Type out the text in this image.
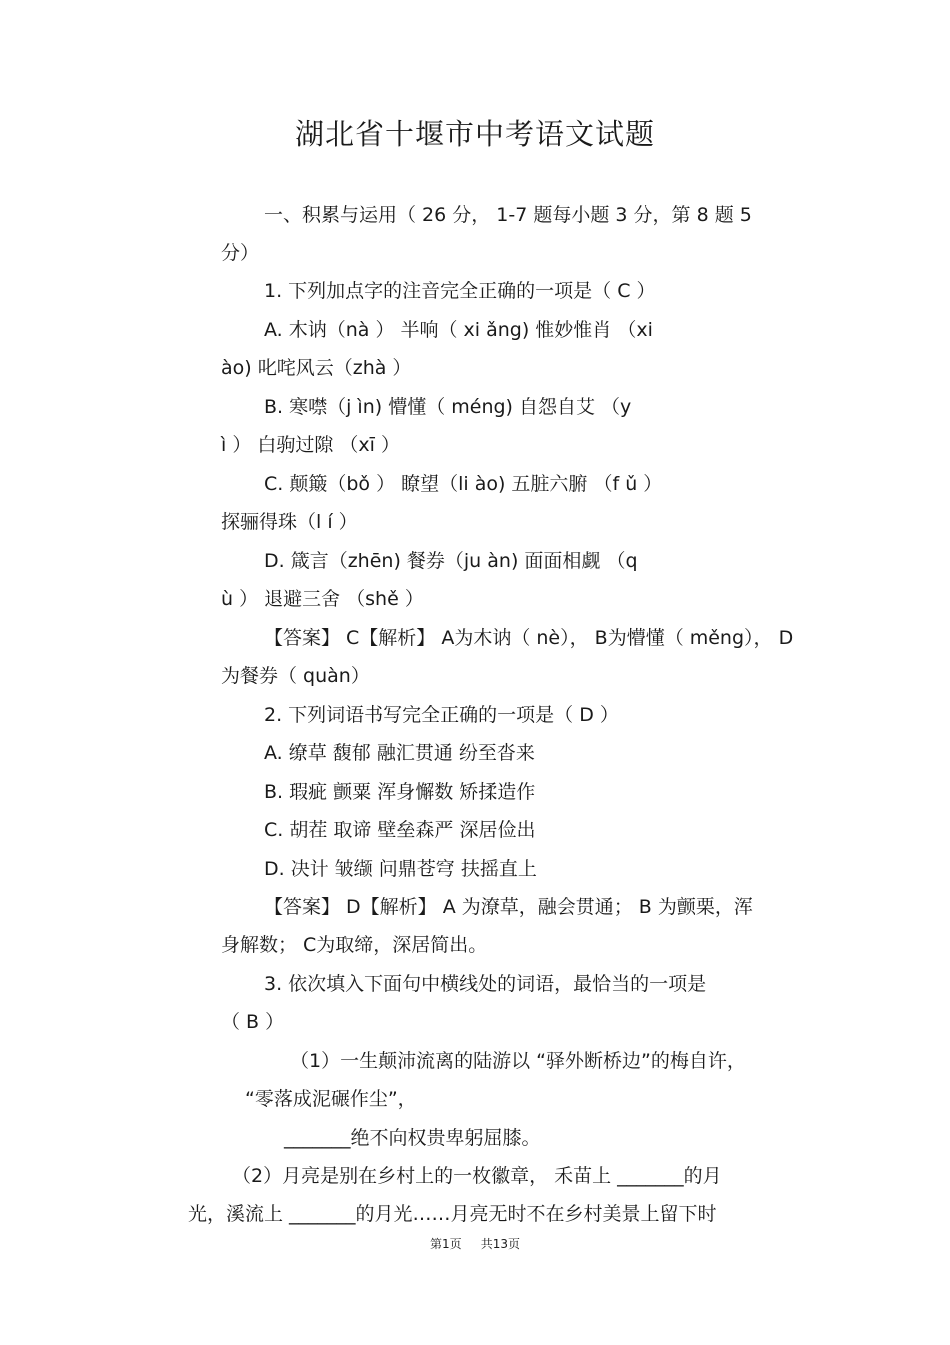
湖北省十堰市中考语文试题
一、积累与运用（ 26 分， 1-7 题每小题 3 分，第 8 题 5
分）
1. 下列加点字的注音完全正确的一项是（ C ）
A. 木讷（nà ） 半响（ xi ǎng) 惟妙惟肖 （xi
ào) 叱咤风云（zhà ）
B. 寒噤（j ìn) 懵懂（ méng) 自怨自艾 （y
ì ） 白驹过隙 （xī ）
C. 颠簸（bǒ ） 瞭望（li ào) 五脏六腑 （f ǔ ）
探骊得珠（l í ）
D. 箴言（zhēn) 餐券（ju àn) 面面相觑 （q
ù ） 退避三舍 （shě ）
【答案】 C【解析】 A为木讷（ nè）， B为懵懂（ měng）， D
为餐券（ quàn）
2. 下列词语书写完全正确的一项是（ D ）
A. 缭草 馥郁 融汇贯通 纷至沓来
B. 瑕疵 颤粟 浑身懈数 矫揉造作
C. 胡茬 取谛 壁垒森严 深居俭出
D. 决计 皱缬 问鼎苍穹 扶摇直上
【答案】 D【解析】 A 为潦草，融会贯通； B 为颤栗，浑
身解数； C为取缔，深居简出。
3. 依次填入下面句中横线处的词语，最恰当的一项是
（ B ）
（1）一生颠沛流离的陆游以 “驿外断桥边”的梅自许，
“零落成泥碾作尘”，
_______绝不向权贵卑躬屈膝。
（2）月亮是别在乡村上的一枚徽章， 禾苗上 _______的月
光，溪流上 _______的月光……月亮无时不在乡村美景上留下时
第1页     共13页
